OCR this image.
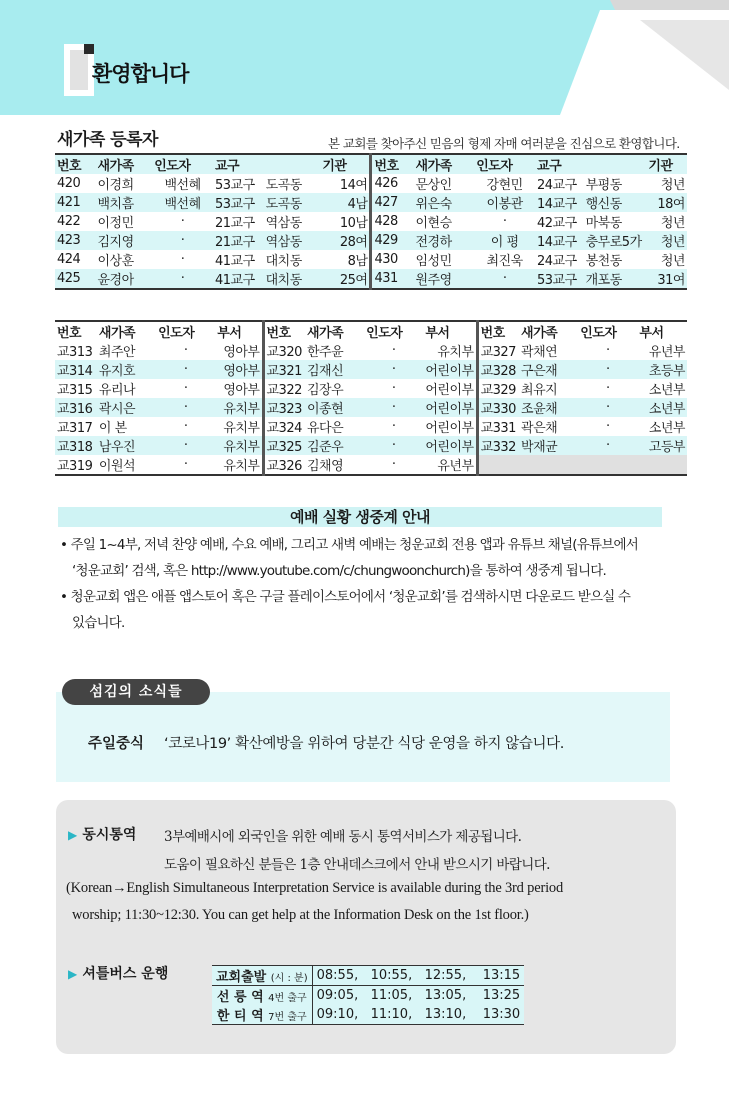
환영합니다
새가족 등록자	본 교회를 찾아주신 믿음의 형제 자매 여러분을 진심으로 환영합니다.
번호	새가족	인도자	교구		기관	번호	새가족	인도자	교구		기관
420	이경희	백선혜	53교구	도곡동	14여	426	문상인	강현민	24교구	부평동	청년
421	백치흠	백선혜	53교구	도곡동	4남	427	위은숙	이봉관	14교구	행신동	18여
422	이정민	·	21교구	역삼동	10남	428	이현승	·	42교구	마북동	청년
423	김지영	·	21교구	역삼동	28여	429	전경하	이 평	14교구	충무로5가	청년
424	이상훈	·	41교구	대치동	8남	430	임성민	최진욱	24교구	봉천동	청년
425	윤경아	·	41교구	대치동	25여	431	원주영	·	53교구	개포동	31여
번호	새가족	인도자	부서	번호	새가족	인도자	부서	번호	새가족	인도자	부서
교313	최주안	·	영아부	교320	한주윤	·	유치부	교327	곽채연	·	유년부
교314	유지호	·	영아부	교321	김재신	·	어린이부	교328	구은재	·	초등부
교315	유리나	·	영아부	교322	김장우	·	어린이부	교329	최유지	·	소년부
교316	곽시은	·	유치부	교323	이종현	·	어린이부	교330	조윤채	·	소년부
교317	이 본	·	유치부	교324	유다은	·	어린이부	교331	곽은채	·	소년부
교318	남우진	·	유치부	교325	김준우	·	어린이부	교332	박재균	·	고등부
교319	이원석	·	유치부	교326	김채영	·	유년부				
예배 실황 생중계 안내
• 주일 1~4부, 저녁 찬양 예배, 수요 예배, 그리고 새벽 예배는 청운교회 전용 앱과 유튜브 채널(유튜브에서
‘청운교회’ 검색, 혹은 http://www.youtube.com/c/chungwoonchurch)을 통하여 생중계 됩니다.
• 청운교회 앱은 애플 앱스토어 혹은 구글 플레이스토어에서 ‘청운교회’를 검색하시면 다운로드 받으실 수
있습니다.
섬김의 소식들
주일중식 ‘코로나19’ 확산예방을 위하여 당분간 식당 운영을 하지 않습니다.
▶ 동시통역 3부예배시에 외국인을 위한 예배 동시 통역서비스가 제공됩니다.
도움이 필요하신 분들은 1층 안내데스크에서 안내 받으시기 바랍니다.
(Korean→English Simultaneous Interpretation Service is available during the 3rd period
worship; 11:30~12:30. You can get help at the Information Desk on the 1st floor.)
▶ 셔틀버스 운행	교회출발 (시 : 분)	08:55,   10:55,   12:55,    13:15
선 릉 역 4번 출구	09:05,   11:05,   13:05,    13:25
한 티 역 7번 출구	09:10,   11:10,   13:10,    13:30
